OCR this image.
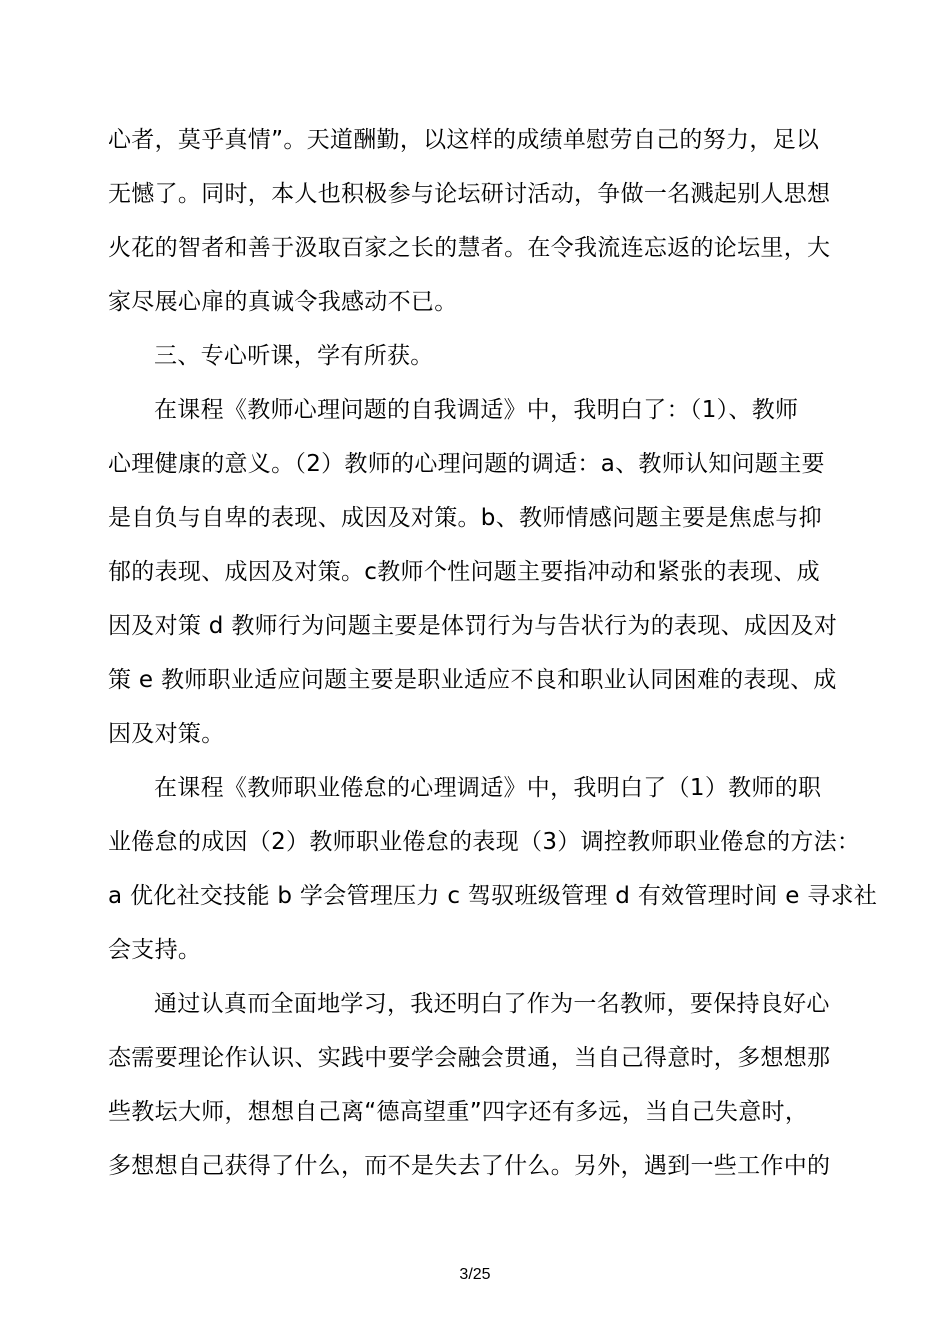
心者，莫乎真情”。天道酬勤，以这样的成绩单慰劳自己的努力，足以
无憾了。同时，本人也积极参与论坛研讨活动，争做一名溅起别人思想
火花的智者和善于汲取百家之长的慧者。在令我流连忘返的论坛里，大
家尽展心扉的真诚令我感动不已。
三、专心听课，学有所获。
在课程《教师心理问题的自我调适》中，我明白了：（1）、教师
心理健康的意义。（2）教师的心理问题的调适：a、教师认知问题主要
是自负与自卑的表现、成因及对策。b、教师情感问题主要是焦虑与抑
郁的表现、成因及对策。c教师个性问题主要指冲动和紧张的表现、成
因及对策 d 教师行为问题主要是体罚行为与告状行为的表现、成因及对
策 e 教师职业适应问题主要是职业适应不良和职业认同困难的表现、成
因及对策。
在课程《教师职业倦怠的心理调适》中，我明白了（1）教师的职
业倦怠的成因（2）教师职业倦怠的表现（3）调控教师职业倦怠的方法：
a 优化社交技能 b 学会管理压力 c 驾驭班级管理 d 有效管理时间 e 寻求社
会支持。
通过认真而全面地学习，我还明白了作为一名教师，要保持良好心
态需要理论作认识、实践中要学会融会贯通，当自己得意时，多想想那
些教坛大师，想想自己离“德高望重”四字还有多远，当自己失意时，
多想想自己获得了什么，而不是失去了什么。另外，遇到一些工作中的
3/25
